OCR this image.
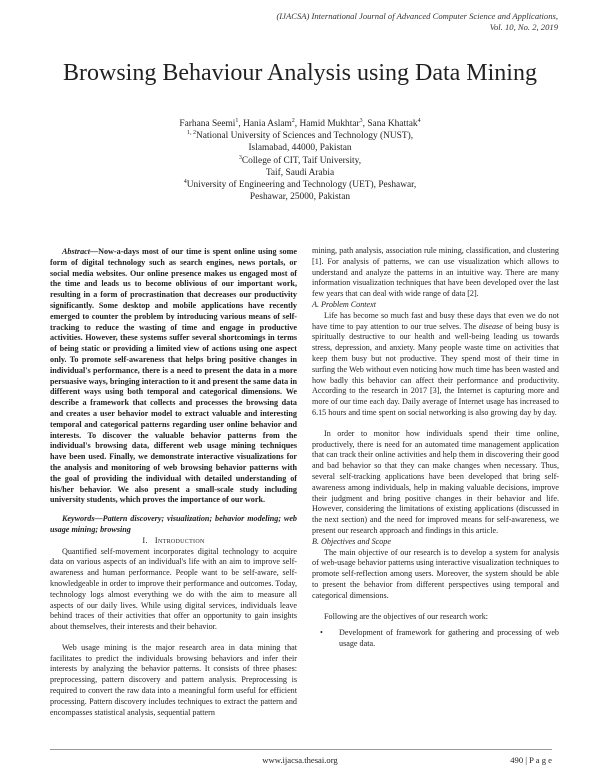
(IJACSA) International Journal of Advanced Computer Science and Applications,
Vol. 10, No. 2, 2019
Browsing Behaviour Analysis using Data Mining
Farhana Seemi$^1$, Hania Aslam$^2$, Hamid Mukhtar$^3$, Sana Khattak$^4$
$^{1, 2}$National University of Sciences and Technology (NUST),
Islamabad, 44000, Pakistan
$^3$College of CIT, Taif University,
Taif, Saudi Arabia
$^4$University of Engineering and Technology (UET), Peshawar,
Peshawar, 25000, Pakistan

Abstract—Now-a-days most of our time is spent online using some form of digital technology such as search engines, news portals, or social media websites. Our online presence makes us engaged most of the time and leads us to become oblivious of our important work, resulting in a form of procrastination that decreases our productivity significantly. Some desktop and mobile applications have recently emerged to counter the problem by introducing various means of self-tracking to reduce the wasting of time and engage in productive activities. However, these systems suffer several shortcomings in terms of being static or providing a limited view of actions using one aspect only. To promote self-awareness that helps bring positive changes in individual's performance, there is a need to present the data in a more persuasive ways, bringing interaction to it and present the same data in different ways using both temporal and categorical dimensions. We describe a framework that collects and processes the browsing data and creates a user behavior model to extract valuable and interesting temporal and categorical patterns regarding user online behavior and interests. To discover the valuable behavior patterns from the individual's browsing data, different web usage mining techniques have been used. Finally, we demonstrate interactive visualizations for the analysis and monitoring of web browsing behavior patterns with the goal of providing the individual with detailed understanding of his/her behavior. We also present a small-scale study including university students, which proves the importance of our work.

Keywords—Pattern discovery; visualization; behavior modeling; web usage mining; browsing

I. Introduction

Quantified self-movement incorporates digital technology to acquire data on various aspects of an individual's life with an aim to improve self-awareness and human performance. People want to be self-aware, self-knowledgeable in order to improve their performance and outcomes. Today, technology logs almost everything we do with the aim to measure all aspects of our daily lives. While using digital services, individuals leave behind traces of their activities that offer an opportunity to gain insights about themselves, their interests and their behavior.

Web usage mining is the major research area in data mining that facilitates to predict the individuals browsing behaviors and infer their interests by analyzing the behavior patterns. It consists of three phases: preprocessing, pattern discovery and pattern analysis. Preprocessing is required to convert the raw data into a meaningful form useful for efficient processing. Pattern discovery includes techniques to extract the pattern and encompasses statistical analysis, sequential pattern

mining, path analysis, association rule mining, classification, and clustering [1]. For analysis of patterns, we can use visualization which allows to understand and analyze the patterns in an intuitive way. There are many information visualization techniques that have been developed over the last few years that can deal with wide range of data [2].

A. Problem Context

Life has become so much fast and busy these days that even we do not have time to pay attention to our true selves. The disease of being busy is spiritually destructive to our health and well-being leading us towards stress, depression, and anxiety. Many people waste time on activities that keep them busy but not productive. They spend most of their time in surfing the Web without even noticing how much time has been wasted and how badly this behavior can affect their performance and productivity. According to the research in 2017 [3], the Internet is capturing more and more of our time each day. Daily average of Internet usage has increased to 6.15 hours and time spent on social networking is also growing day by day.

In order to monitor how individuals spend their time online, productively, there is need for an automated time management application that can track their online activities and help them in discovering their good and bad behavior so that they can make changes when necessary. Thus, several self-tracking applications have been developed that bring self-awareness among individuals, help in making valuable decisions, improve their judgment and bring positive changes in their behavior and life. However, considering the limitations of existing applications (discussed in the next section) and the need for improved means for self-awareness, we present our research approach and findings in this article.

B. Objectives and Scope

The main objective of our research is to develop a system for analysis of web-usage behavior patterns using interactive visualization techniques to promote self-reflection among users. Moreover, the system should be able to present the behavior from different perspectives using temporal and categorical dimensions.

Following are the objectives of our research work:

• Development of framework for gathering and processing of web usage data.
www.ijacsa.thesai.org	490 | P a g e
